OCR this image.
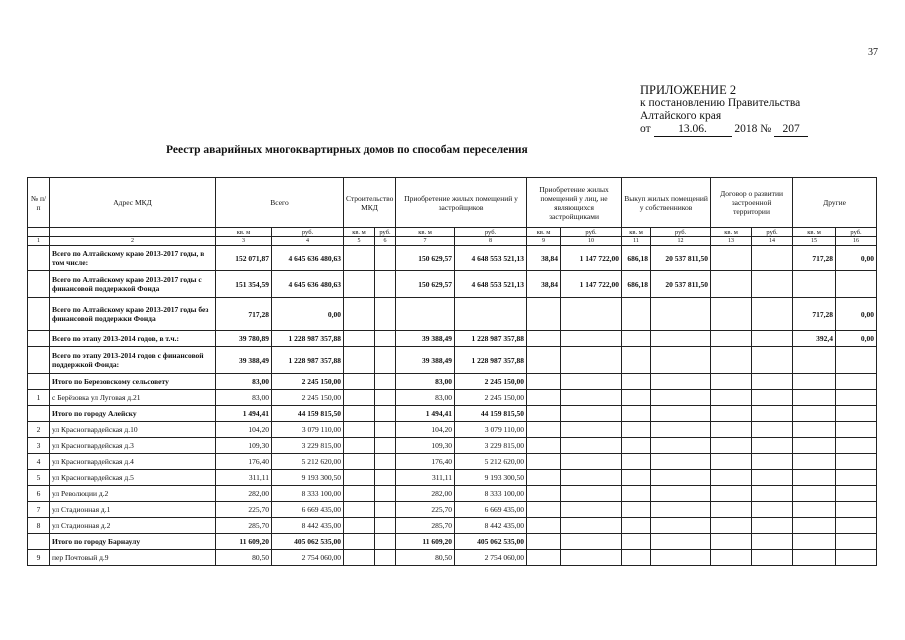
37
ПРИЛОЖЕНИЕ 2
к постановлению Правительства
Алтайского края
от 13.06. 2018 № 207
Реестр аварийных многоквартирных домов по способам переселения
№ п/п	Адрес МКД	Всего		Строительство МКД		Приобретение жилых помещений у застройщиков		Приобретение жилых помещений у лиц, не являющихся застройщиками		Выкуп жилых помещений у собственников		Договор о развитии застроенной территории		Другие	
		кв. м	руб.	кв. м	руб.	кв. м	руб.	кв. м	руб.	кв. м	руб.	кв. м	руб.	кв. м	руб.
1	2	3	4	5	6	7	8	9	10	11	12	13	14	15	16
	Всего по Алтайскому краю 2013-2017 годы, в том числе:	152 071,87	4 645 636 480,63			150 629,57	4 648 553 521,13	38,84	1 147 722,00	686,18	20 537 811,50			717,28	0,00
	Всего по Алтайскому краю 2013-2017 годы с финансовой поддержкой Фонда	151 354,59	4 645 636 480,63			150 629,57	4 648 553 521,13	38,84	1 147 722,00	686,18	20 537 811,50				
	Всего по Алтайскому краю 2013-2017 годы без финансовой поддержки Фонда	717,28	0,00											717,28	0,00
	Всего по этапу 2013-2014 годов, в т.ч.:	39 780,89	1 228 987 357,88			39 388,49	1 228 987 357,88							392,4	0,00
	Всего по этапу 2013-2014 годов с финансовой поддержкой Фонда:	39 388,49	1 228 987 357,88			39 388,49	1 228 987 357,88								
	Итого по Березовскому сельсовету	83,00	2 245 150,00			83,00	2 245 150,00								
1	с Берёзовка ул Луговая д.21	83,00	2 245 150,00			83,00	2 245 150,00								
	Итого по городу Алейску	1 494,41	44 159 815,50			1 494,41	44 159 815,50								
2	ул Красногвардейская д.10	104,20	3 079 110,00			104,20	3 079 110,00								
3	ул Красногвардейская д.3	109,30	3 229 815,00			109,30	3 229 815,00								
4	ул Красногвардейская д.4	176,40	5 212 620,00			176,40	5 212 620,00								
5	ул Красногвардейская д.5	311,11	9 193 300,50			311,11	9 193 300,50								
6	ул Революции д.2	282,00	8 333 100,00			282,00	8 333 100,00								
7	ул Стадионная д.1	225,70	6 669 435,00			225,70	6 669 435,00								
8	ул Стадионная д.2	285,70	8 442 435,00			285,70	8 442 435,00								
	Итого по городу Барнаулу	11 609,20	405 062 535,00			11 609,20	405 062 535,00								
9	пер Почтовый д.9	80,50	2 754 060,00			80,50	2 754 060,00								
